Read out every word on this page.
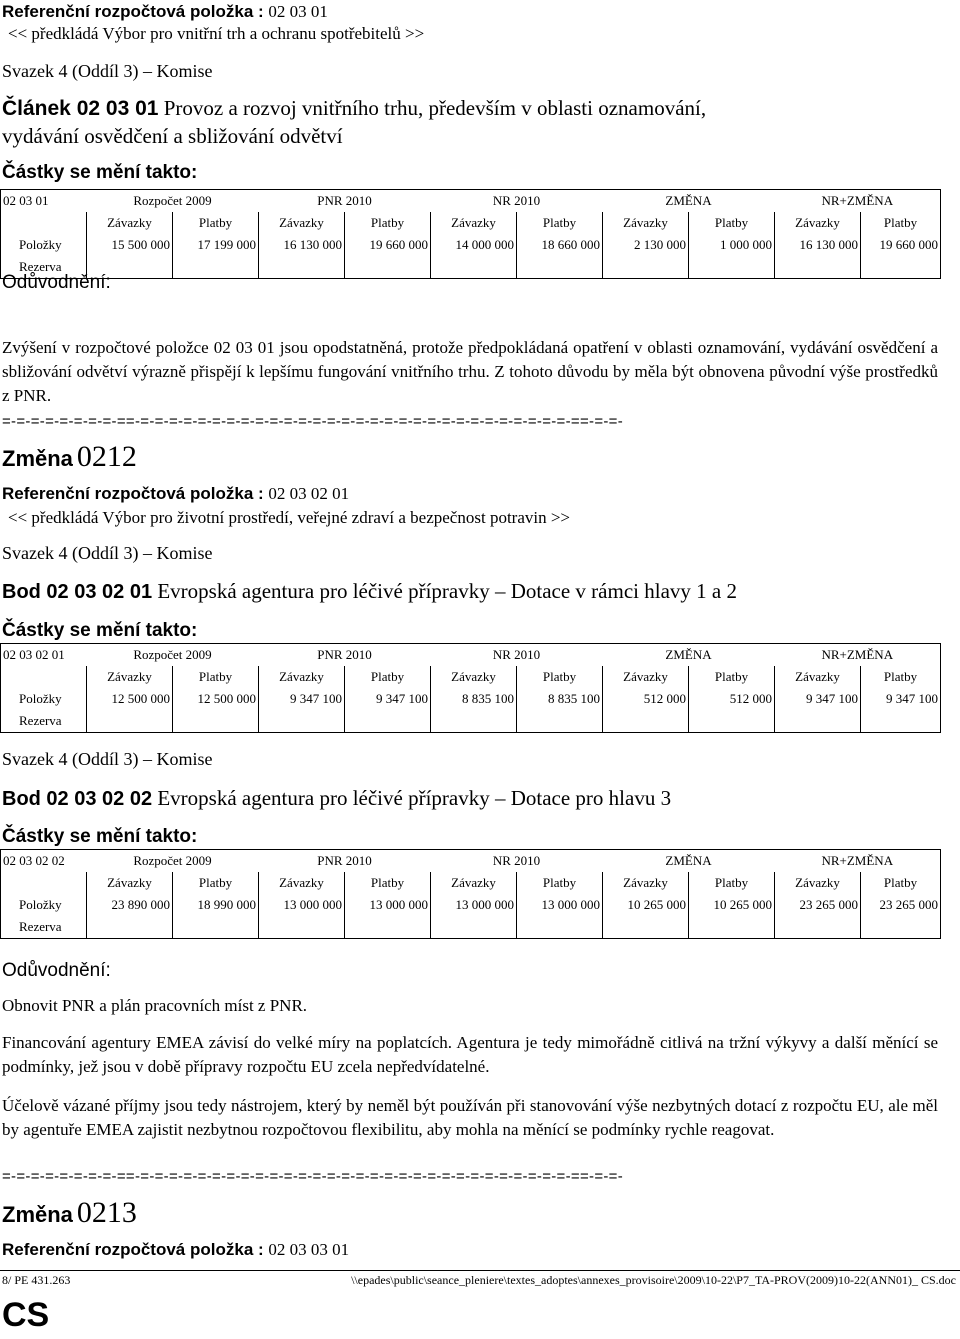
Referenční rozpočtová položka : 02 03 01
<< předkládá Výbor pro vnitřní trh a ochranu spotřebitelů >>
Svazek 4 (Oddíl 3) – Komise
Článek 02 03 01 Provoz a rozvoj vnitřního trhu, především v oblasti oznamování,
vydávání osvědčení a sbližování odvětví
Částky se mění takto:
02 03 01	Rozpočet 2009		PNR 2010		NR 2010		ZMĚNA		NR+ZMĚNA	
	Závazky	Platby	Závazky	Platby	Závazky	Platby	Závazky	Platby	Závazky	Platby
Položky	15 500 000	17 199 000	16 130 000	19 660 000	14 000 000	18 660 000	2 130 000	1 000 000	16 130 000	19 660 000
Rezerva										
Odůvodnění:
Zvýšení v rozpočtové položce 02 03 01 jsou opodstatněná, protože předpokládaná opatření v oblasti oznamování, vydávání osvědčení a sbližování odvětví výrazně přispějí k lepšímu fungování vnitřního trhu. Z tohoto důvodu by měla být obnovena původní výše prostředků z PNR.
=-=-=-=-=-=-=-=-==-=-=-=-=-=-=-=-=-=-=-=-=-=-=-=-=-=-=-=-=-=-=-=-=-=-=-=-=-=-=-==-=-=-
Změna 0212
Referenční rozpočtová položka : 02 03 02 01
<< předkládá Výbor pro životní prostředí, veřejné zdraví a bezpečnost potravin >>
Svazek 4 (Oddíl 3) – Komise
Bod 02 03 02 01 Evropská agentura pro léčivé přípravky – Dotace v rámci hlavy 1 a 2
Částky se mění takto:
02 03 02 01	Rozpočet 2009		PNR 2010		NR 2010		ZMĚNA		NR+ZMĚNA	
	Závazky	Platby	Závazky	Platby	Závazky	Platby	Závazky	Platby	Závazky	Platby
Položky	12 500 000	12 500 000	9 347 100	9 347 100	8 835 100	8 835 100	512 000	512 000	9 347 100	9 347 100
Rezerva										
Svazek 4 (Oddíl 3) – Komise
Bod 02 03 02 02 Evropská agentura pro léčivé přípravky – Dotace pro hlavu 3
Částky se mění takto:
02 03 02 02	Rozpočet 2009		PNR 2010		NR 2010		ZMĚNA		NR+ZMĚNA	
	Závazky	Platby	Závazky	Platby	Závazky	Platby	Závazky	Platby	Závazky	Platby
Položky	23 890 000	18 990 000	13 000 000	13 000 000	13 000 000	13 000 000	10 265 000	10 265 000	23 265 000	23 265 000
Rezerva										
Odůvodnění:
Obnovit PNR a plán pracovních míst z PNR.
Financování agentury EMEA závisí do velké míry na poplatcích. Agentura je tedy mimořádně citlivá na tržní výkyvy a další měnící se podmínky, jež jsou v době přípravy rozpočtu EU zcela nepředvídatelné.
Účelově vázané příjmy jsou tedy nástrojem, který by neměl být používán při stanovování výše nezbytných dotací z rozpočtu EU, ale měl by agentuře EMEA zajistit nezbytnou rozpočtovou flexibilitu, aby mohla na měnící se podmínky rychle reagovat.
=-=-=-=-=-=-=-=-==-=-=-=-=-=-=-=-=-=-=-=-=-=-=-=-=-=-=-=-=-=-=-=-=-=-=-=-=-=-=-==-=-=-
Změna 0213
Referenční rozpočtová položka : 02 03 03 01
8/ PE 431.263	\\epades\public\seance_pleniere\textes_adoptes\annexes_provisoire\2009\10-22\P7_TA-PROV(2009)10-22(ANN01)_ CS.doc
CS
